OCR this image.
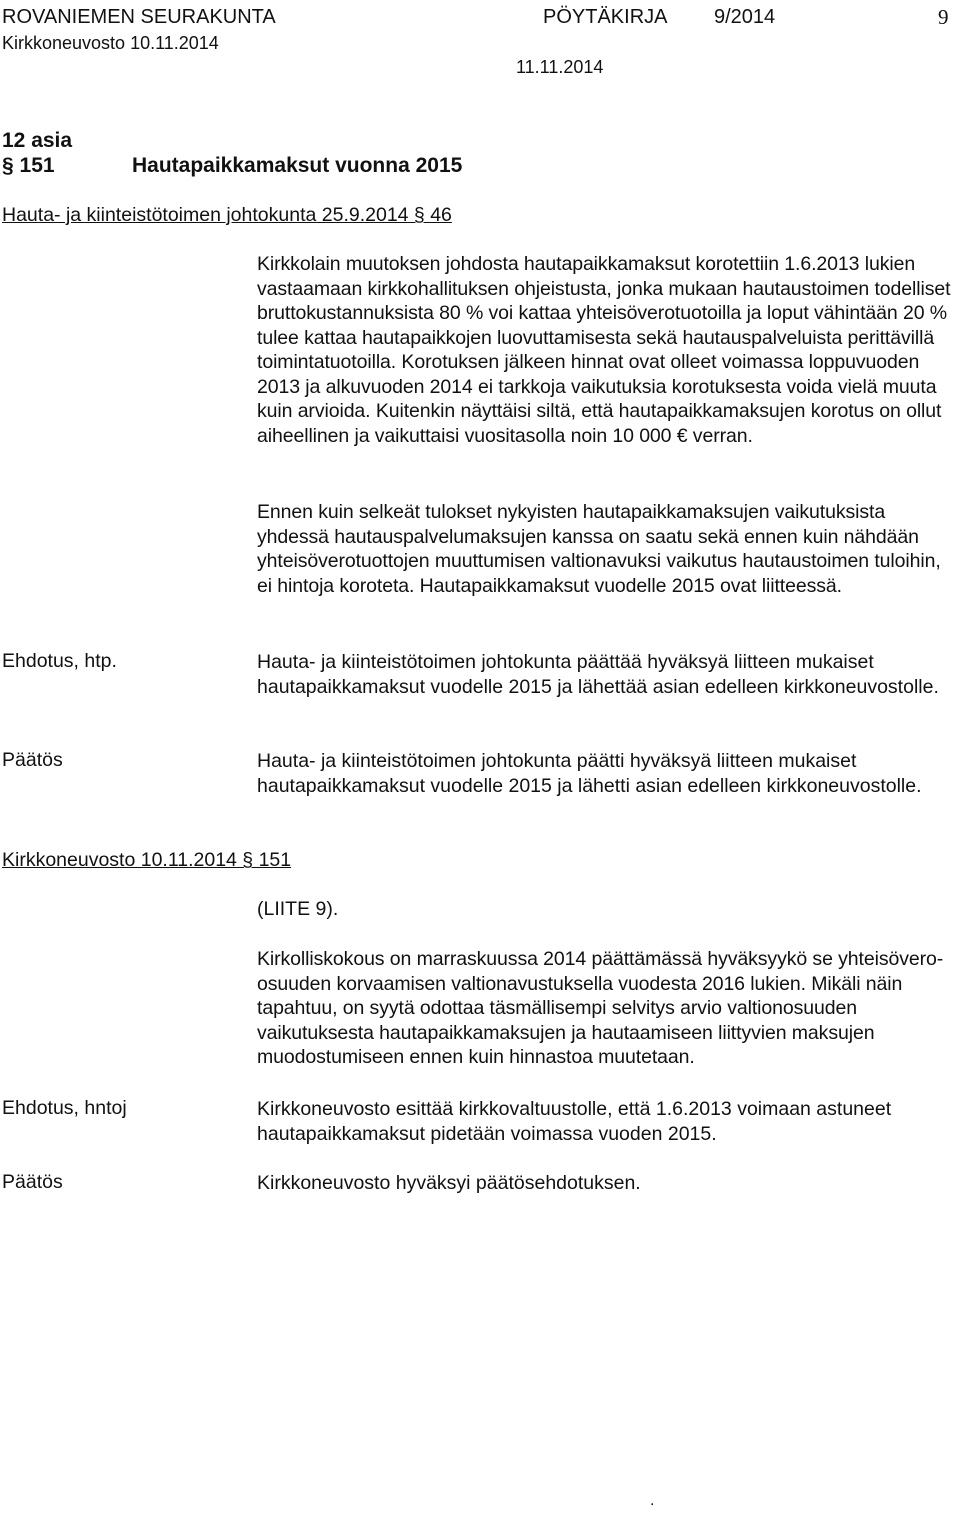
ROVANIEMEN SEURAKUNTA	PÖYTÄKIRJA 9/2014	9
Kirkkoneuvosto 10.11.2014
11.11.2014
12 asia
§ 151	Hautapaikkamaksut vuonna 2015
Hauta- ja kiinteistötoimen johtokunta 25.9.2014 § 46

Kirkkolain muutoksen johdosta hautapaikkamaksut korotettiin 1.6.2013 lukien vastaamaan kirkkohallituksen ohjeistusta, jonka mukaan hautaustoimen todelliset bruttokustannuksista 80 % voi kattaa yhteisöverotuotoilla ja loput vähintään 20 % tulee kattaa hautapaikkojen luovuttamisesta sekä hautauspalveluista perittävillä toimintatuotoilla. Korotuksen jälkeen hinnat ovat olleet voimassa loppuvuoden 2013 ja alkuvuoden 2014 ei tarkkoja vaikutuksia korotuksesta voida vielä muuta kuin arvioida. Kuitenkin näyttäisi siltä, että hautapaikkamaksujen korotus on ollut aiheellinen ja vaikuttaisi vuositasolla noin 10 000 € verran.

Ennen kuin selkeät tulokset nykyisten hautapaikkamaksujen vaikutuksista yhdessä hautauspalvelumaksujen kanssa on saatu sekä ennen kuin nähdään yhteisöverotuottojen muuttumisen valtionavuksi vaikutus hautaustoimen tuloihin, ei hintoja koroteta. Hautapaikkamaksut vuodelle 2015 ovat liitteessä.

Ehdotus, htp.	Hauta- ja kiinteistötoimen johtokunta päättää hyväksyä liitteen mukaiset hautapaikkamaksut vuodelle 2015 ja lähettää asian edelleen kirkkoneuvostolle.

Päätös	Hauta- ja kiinteistötoimen johtokunta päätti hyväksyä liitteen mukaiset hautapaikkamaksut vuodelle 2015 ja lähetti asian edelleen kirkkoneuvostolle.

Kirkkoneuvosto 10.11.2014 § 151
(LIITE 9).

Kirkolliskokous on marraskuussa 2014 päättämässä hyväksyykö se yhteisövero-osuuden korvaamisen valtionavustuksella vuodesta 2016 lukien. Mikäli näin tapahtuu, on syytä odottaa täsmällisempi selvitys arvio valtionosuuden vaikutuksesta hautapaikkamaksujen ja hautaamiseen liittyvien maksujen muodostumiseen ennen kuin hinnastoa muutetaan.

Ehdotus, hntoj	Kirkkoneuvosto esittää kirkkovaltuustolle, että 1.6.2013 voimaan astuneet hautapaikkamaksut pidetään voimassa vuoden 2015.

Päätös	Kirkkoneuvosto hyväksyi päätösehdotuksen.

.
